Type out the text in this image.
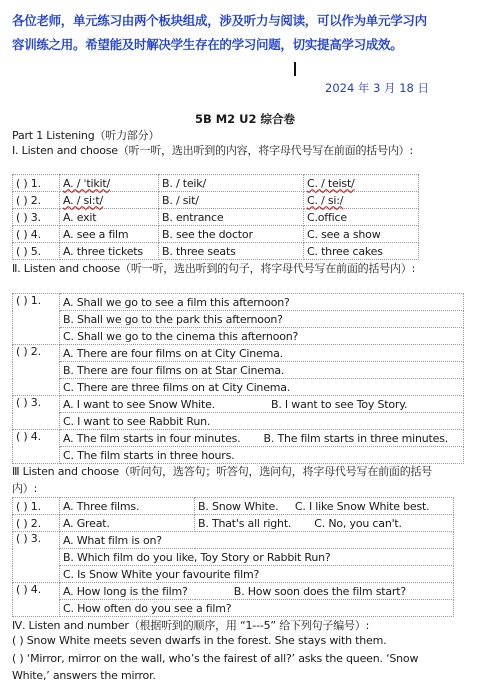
各位老师，单元练习由两个板块组成，涉及听力与阅读，可以作为单元学习内
容训练之用。希望能及时解决学生存在的学习问题，切实提高学习成效。
2024 年 3 月 18 日
5B M2 U2 综合卷
Part 1 Listening（听力部分）
Ⅰ. Listen and choose（听一听，选出听到的内容，将字母代号写在前面的括号内）:
( ) 1.	A. / ˈtikit/	B. / teik/	C. / teist/
( ) 2.	A. / si:t/	B. / sit/	C. / si:/
( ) 3.	A. exit	B. entrance	C.office
( ) 4.	A. see a film	B. see the doctor	C. see a show
( ) 5.	A. three tickets	B. three seats	C. three cakes
Ⅱ. Listen and choose（听一听，选出听到的句子，将字母代号写在前面的括号内）:
( ) 1.	A. Shall we go to see a film this afternoon?
	B. Shall we go to the park this afternoon?
	C. Shall we go to the cinema this afternoon?
( ) 2.	A. There are four films on at City Cinema.
	B. There are four films on at Star Cinema.
	C. There are three films on at City Cinema.
( ) 3.	A. I want to see Snow White.                 B. I want to see Toy Story.
	C. I want to see Rabbit Run.
( ) 4.	A. The film starts in four minutes.       B. The film starts in three minutes.
	C. The film starts in three hours.
Ⅲ Listen and choose（听问句，选答句；听答句，选问句，将字母代号写在前面的括号内）:
( ) 1.	A. Three films.	B. Snow White.     C. I like Snow White best.
( ) 2.	A. Great.	B. That's all right.       C. No, you can't.
( ) 3.	A. What film is on?	
	B. Which film do you like, Toy Story or Rabbit Run?	
	C. Is Snow White your favourite film?	
( ) 4.	A. How long is the film?              B. How soon does the film start?	
	C. How often do you see a film?	
Ⅳ. Listen and number（根据听到的顺序，用 “1---5” 给下列句子编号）:
( ) Snow White meets seven dwarfs in the forest. She stays with them.
( ) ‘Mirror, mirror on the wall, who’s the fairest of all?’ asks the queen. ‘Snow White,’ answers the mirror.
